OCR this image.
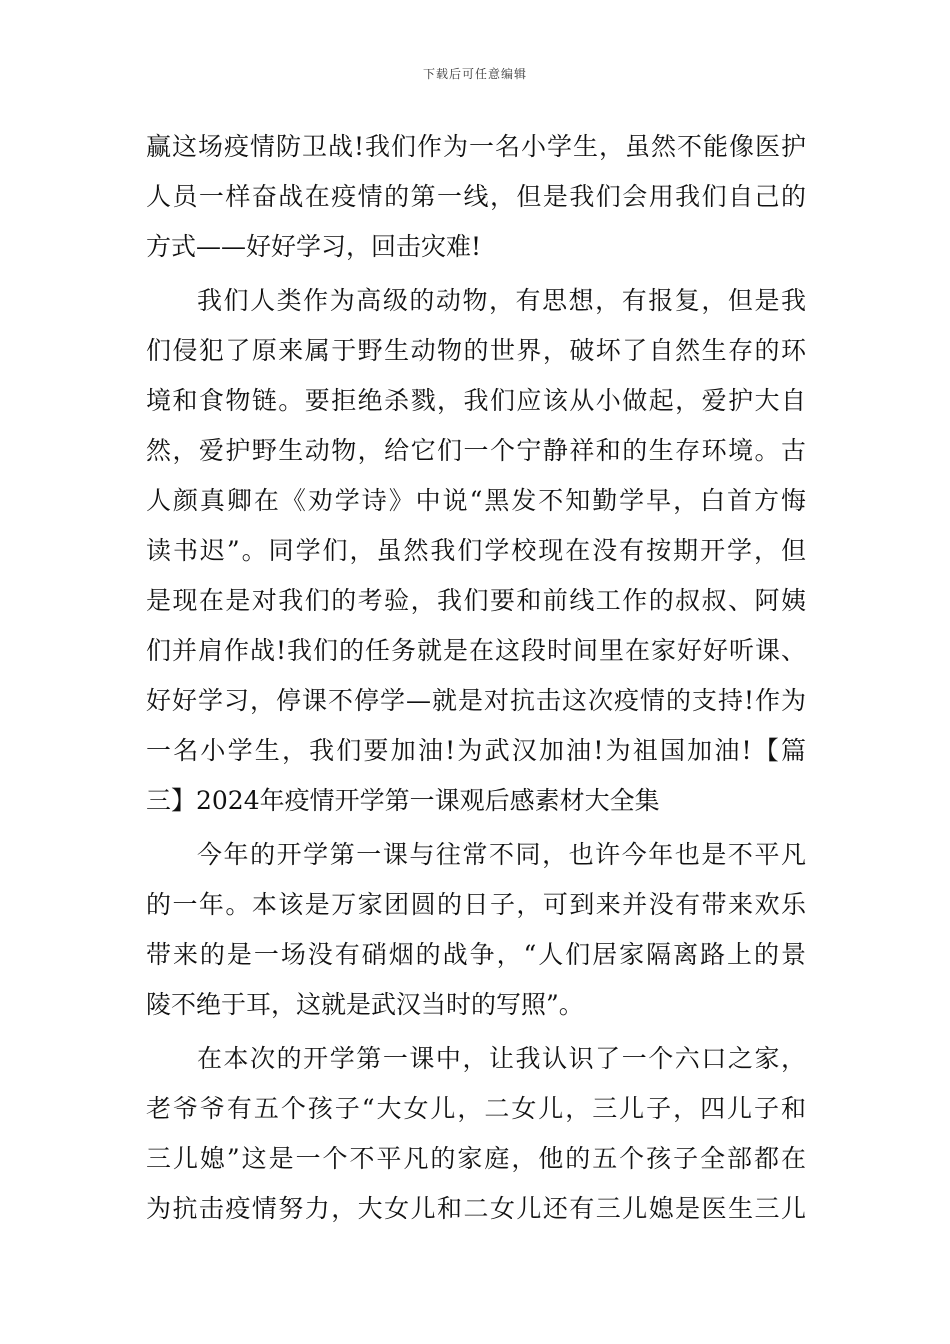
下载后可任意编辑
赢这场疫情防卫战!我们作为一名小学生，虽然不能像医护
人员一样奋战在疫情的第一线，但是我们会用我们自己的
方式——好好学习，回击灾难!
我们人类作为高级的动物，有思想，有报复，但是我
们侵犯了原来属于野生动物的世界，破坏了自然生存的环
境和食物链。要拒绝杀戮，我们应该从小做起，爱护大自
然，爱护野生动物，给它们一个宁静祥和的生存环境。古
人颜真卿在《劝学诗》中说“黑发不知勤学早，白首方悔
读书迟”。同学们，虽然我们学校现在没有按期开学，但
是现在是对我们的考验，我们要和前线工作的叔叔、阿姨
们并肩作战!我们的任务就是在这段时间里在家好好听课、
好好学习，停课不停学—就是对抗击这次疫情的支持!作为
一名小学生，我们要加油!为武汉加油!为祖国加油!【篇
三】2024年疫情开学第一课观后感素材大全集
今年的开学第一课与往常不同，也许今年也是不平凡
的一年。本该是万家团圆的日子，可到来并没有带来欢乐
带来的是一场没有硝烟的战争，“人们居家隔离路上的景
陵不绝于耳，这就是武汉当时的写照”。
在本次的开学第一课中，让我认识了一个六口之家，
老爷爷有五个孩子“大女儿，二女儿，三儿子，四儿子和
三儿媳”这是一个不平凡的家庭，他的五个孩子全部都在
为抗击疫情努力，大女儿和二女儿还有三儿媳是医生三儿
